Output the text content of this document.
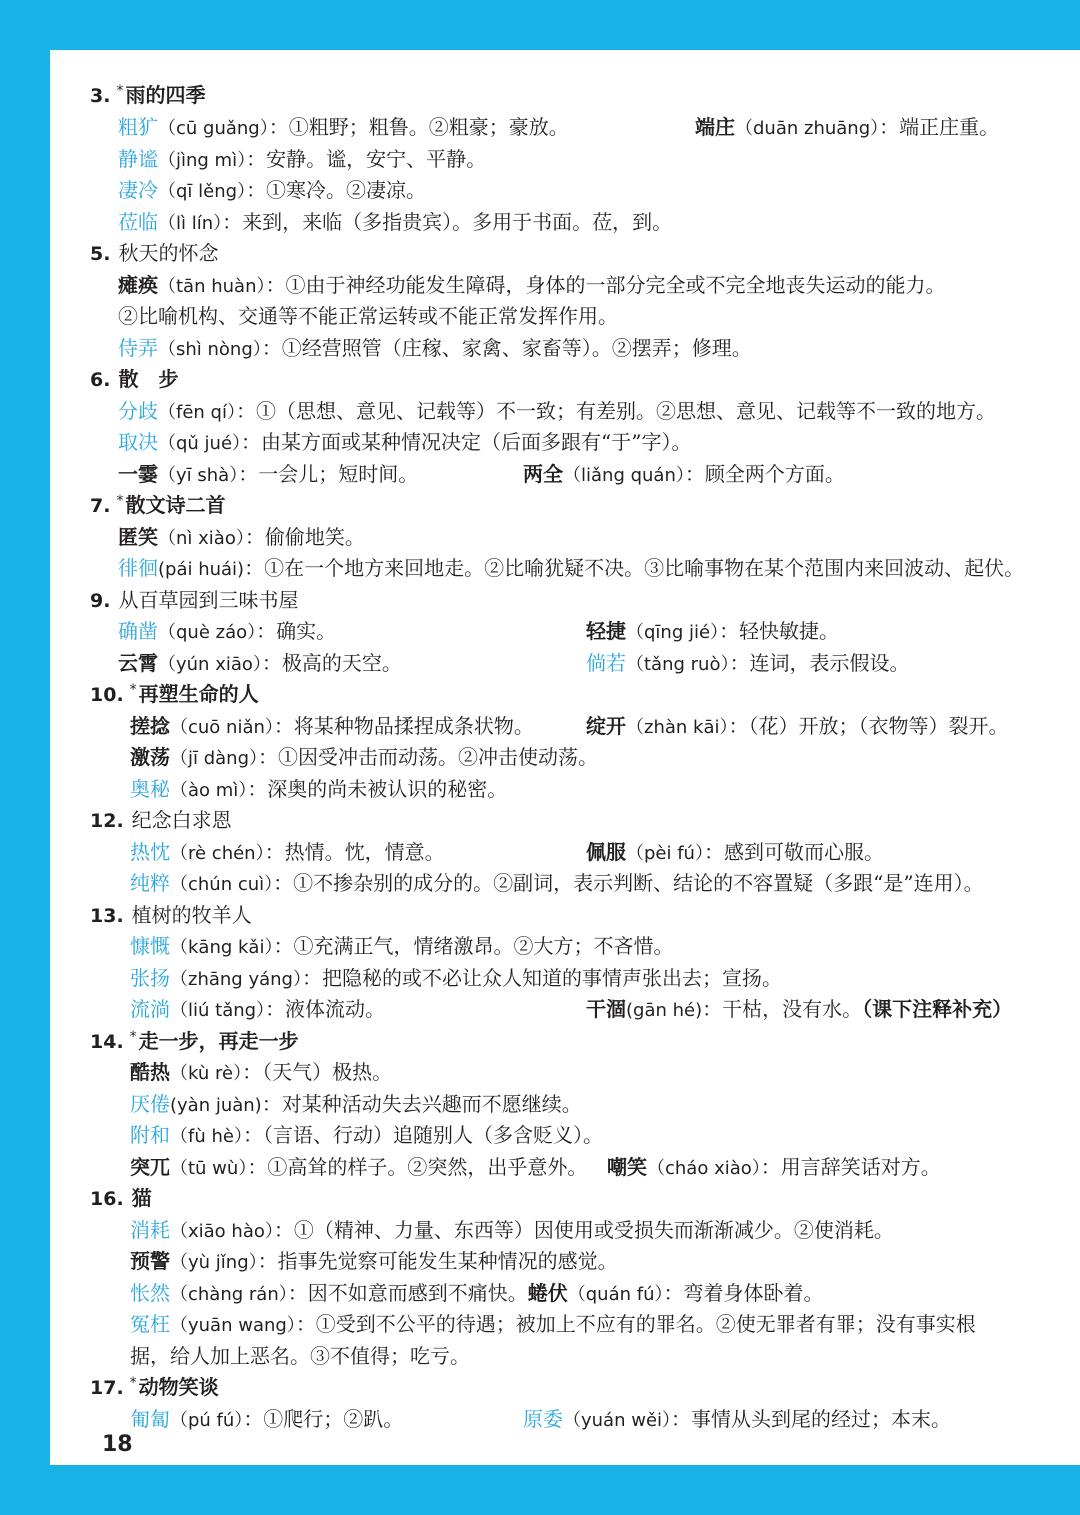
3. * 雨的四季
粗犷（cū guǎng）：①粗野；粗鲁。②粗豪；豪放。	端庄（duān zhuāng）：端正庄重。
静谧（jìng mì）：安静。谧，安宁、平静。
凄冷（qī lěng）：①寒冷。②凄凉。
莅临（lì lín）：来到，来临（多指贵宾）。多用于书面。莅，到。
5. 秋天的怀念
瘫痪（tān huàn）：①由于神经功能发生障碍，身体的一部分完全或不完全地丧失运动的能力。
②比喻机构、交通等不能正常运转或不能正常发挥作用。
侍弄（shì nòng）：①经营照管（庄稼、家禽、家畜等）。②摆弄；修理。
6. 散　步
分歧（fēn qí）：①（思想、意见、记载等）不一致；有差别。②思想、意见、记载等不一致的地方。
取决（qǔ jué）：由某方面或某种情况决定（后面多跟有“于”字）。
一霎（yī shà）：一会儿；短时间。	两全（liǎng quán）：顾全两个方面。
7. * 散文诗二首
匿笑（nì xiào）：偷偷地笑。
徘徊(pái huái)：①在一个地方来回地走。②比喻犹疑不决。③比喻事物在某个范围内来回波动、起伏。
9. 从百草园到三味书屋
确凿（què záo）：确实。	轻捷（qīng jié）：轻快敏捷。
云霄（yún xiāo）：极高的天空。	倘若（tǎng ruò）：连词，表示假设。
10. * 再塑生命的人
搓捻（cuō niǎn）：将某种物品揉捏成条状物。	绽开（zhàn kāi）：（花）开放；（衣物等）裂开。
激荡（jī dàng）：①因受冲击而动荡。②冲击使动荡。
奥秘（ào mì）：深奥的尚未被认识的秘密。
12. 纪念白求恩
热忱（rè chén）：热情。忱，情意。	佩服（pèi fú）：感到可敬而心服。
纯粹（chún cuì）：①不掺杂别的成分的。②副词，表示判断、结论的不容置疑（多跟“是”连用）。
13. 植树的牧羊人
慷慨（kāng kǎi）：①充满正气，情绪激昂。②大方；不吝惜。
张扬（zhāng yáng）：把隐秘的或不必让众人知道的事情声张出去；宣扬。
流淌（liú tǎng）：液体流动。	干涸(gān hé)：干枯，没有水。（课下注释补充）
14. * 走一步，再走一步
酷热（kù rè）：（天气）极热。
厌倦(yàn juàn)：对某种活动失去兴趣而不愿继续。
附和（fù hè）：（言语、行动）追随别人（多含贬义）。
突兀（tū wù）：①高耸的样子。②突然，出乎意外。 嘲笑（cháo xiào）：用言辞笑话对方。
16. 猫
消耗（xiāo hào）：①（精神、力量、东西等）因使用或受损失而渐渐减少。②使消耗。
预警（yù jǐng）：指事先觉察可能发生某种情况的感觉。
怅然（chàng rán）：因不如意而感到不痛快。蜷伏（quán fú）：弯着身体卧着。
冤枉（yuān wang）：①受到不公平的待遇；被加上不应有的罪名。②使无罪者有罪；没有事实根
据，给人加上恶名。③不值得；吃亏。
17. * 动物笑谈
匍匐（pú fú）：①爬行；②趴。	原委（yuán wěi）：事情从头到尾的经过；本末。
18
